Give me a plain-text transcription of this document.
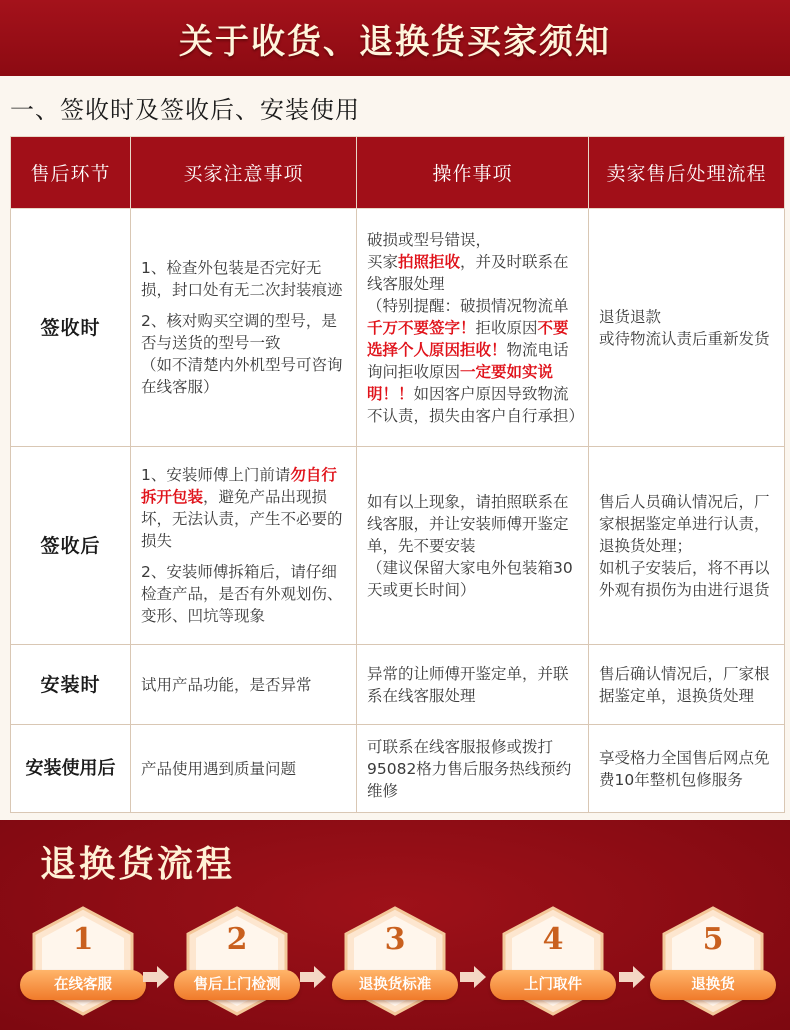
关于收货、退换货买家须知
一、签收时及签收后、安装使用
售后环节	买家注意事项	操作事项	卖家售后处理流程
签收时	1、检查外包装是否完好无损，封口处有无二次封装痕迹
2、核对购买空调的型号，是否与送货的型号一致
（如不清楚内外机型号可咨询在线客服）	破损或型号错误，
买家拍照拒收，并及时联系在线客服处理
（特别提醒：破损情况物流单千万不要签字！拒收原因不要选择个人原因拒收！物流电话询问拒收原因一定要如实说明！！如因客户原因导致物流不认责，损失由客户自行承担）	退货退款
或待物流认责后重新发货
签收后	1、安装师傅上门前请勿自行拆开包装，避免产品出现损坏，无法认责，产生不必要的损失
2、安装师傅拆箱后，请仔细检查产品，是否有外观划伤、变形、凹坑等现象	如有以上现象，请拍照联系在线客服，并让安装师傅开鉴定单，先不要安装
（建议保留大家电外包装箱30天或更长时间）	售后人员确认情况后，厂家根据鉴定单进行认责，退换货处理；
如机子安装后，将不再以外观有损伤为由进行退货

安装时	试用产品功能，是否异常	异常的让师傅开鉴定单，并联系在线客服处理	售后确认情况后，厂家根据鉴定单，退换货处理
安装使用后	产品使用遇到质量问题	可联系在线客服报修或拨打95082格力售后服务热线预约维修	享受格力全国售后网点免费10年整机包修服务
退换货流程
1
在线客服
2
售后上门检测
3
退换货标准
4
上门取件
5
退换货
